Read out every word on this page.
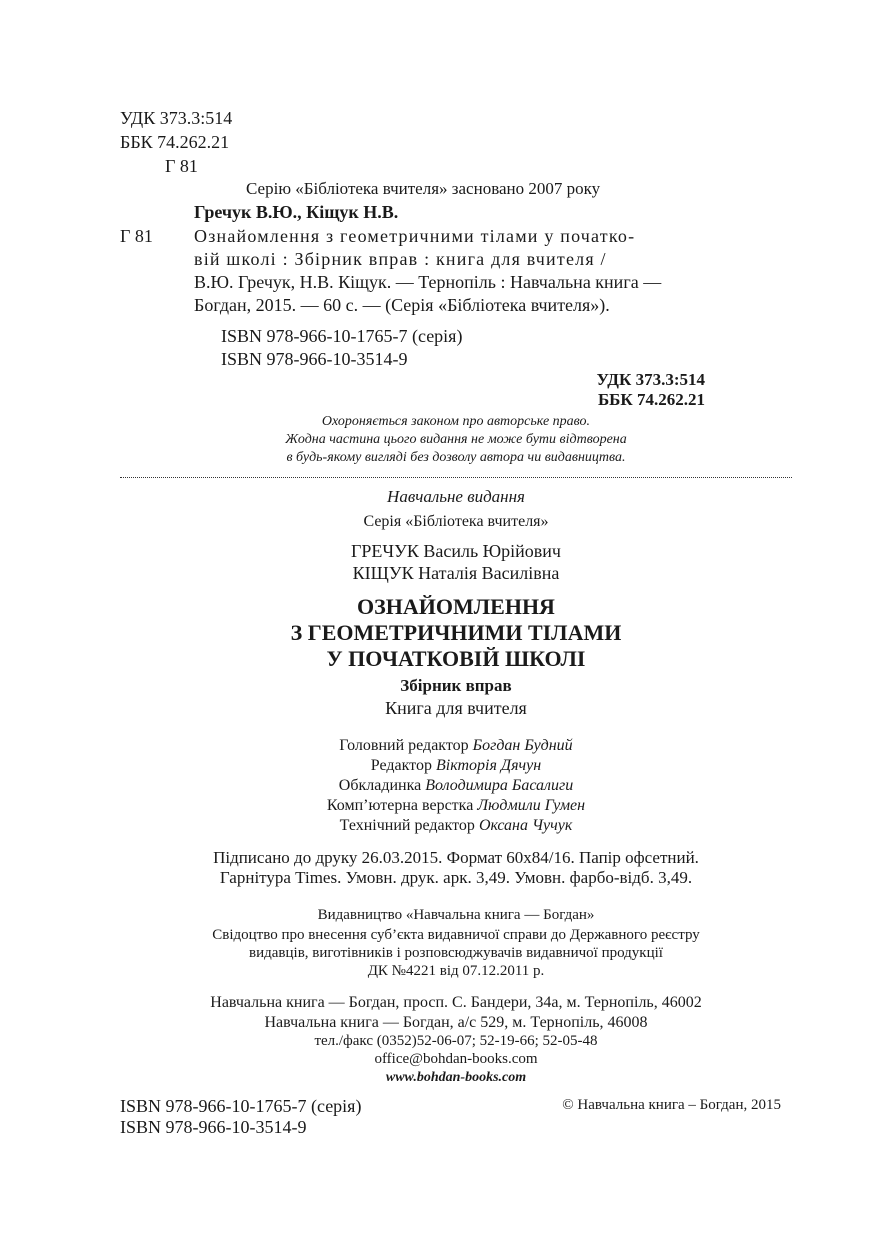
УДК 373.3:514
ББК 74.262.21
Г 81
Серію «Бібліотека вчителя» засновано 2007 року
Гречук В.Ю., Кіщук Н.В.
Г 81 Ознайомлення з геометричними тілами у початко-
вій школі : Збірник вправ : книга для вчителя /
В.Ю. Гречук, Н.В. Кіщук. — Тернопіль : Навчальна книга —
Богдан, 2015. — 60 с. — (Серія «Бібліотека вчителя»).
ISBN 978-966-10-1765-7 (серія)
ISBN 978-966-10-3514-9
УДК 373.3:514
ББК 74.262.21
Охороняється законом про авторське право.
Жодна частина цього видання не може бути відтворена
в будь-якому вигляді без дозволу автора чи видавництва.
Навчальне видання
Серія «Бібліотека вчителя»
ГРЕЧУК Василь Юрійович
КІЩУК Наталія Василівна
ОЗНАЙОМЛЕННЯ
З ГЕОМЕТРИЧНИМИ ТІЛАМИ
У ПОЧАТКОВІЙ ШКОЛІ
Збірник вправ
Книга для вчителя
Головний редактор Богдан Будний
Редактор Вікторія Дячун
Обкладинка Володимира Басалиги
Комп’ютерна верстка Людмили Гумен
Технічний редактор Оксана Чучук
Підписано до друку 26.03.2015. Формат 60х84/16. Папір офсетний.
Гарнітура Times. Умовн. друк. арк. 3,49. Умовн. фарбо-відб. 3,49.
Видавництво «Навчальна книга — Богдан»
Свідоцтво про внесення суб’єкта видавничої справи до Державного реєстру
видавців, виготівників і розповсюджувачів видавничої продукції
ДК №4221 від 07.12.2011 р.
Навчальна книга — Богдан, просп. С. Бандери, 34а, м. Тернопіль, 46002
Навчальна книга — Богдан, а/с 529, м. Тернопіль, 46008
тел./факс (0352)52-06-07; 52-19-66; 52-05-48
office@bohdan-books.com
www.bohdan-books.com
ISBN 978-966-10-1765-7 (серія)
ISBN 978-966-10-3514-9
© Навчальна книга – Богдан, 2015
